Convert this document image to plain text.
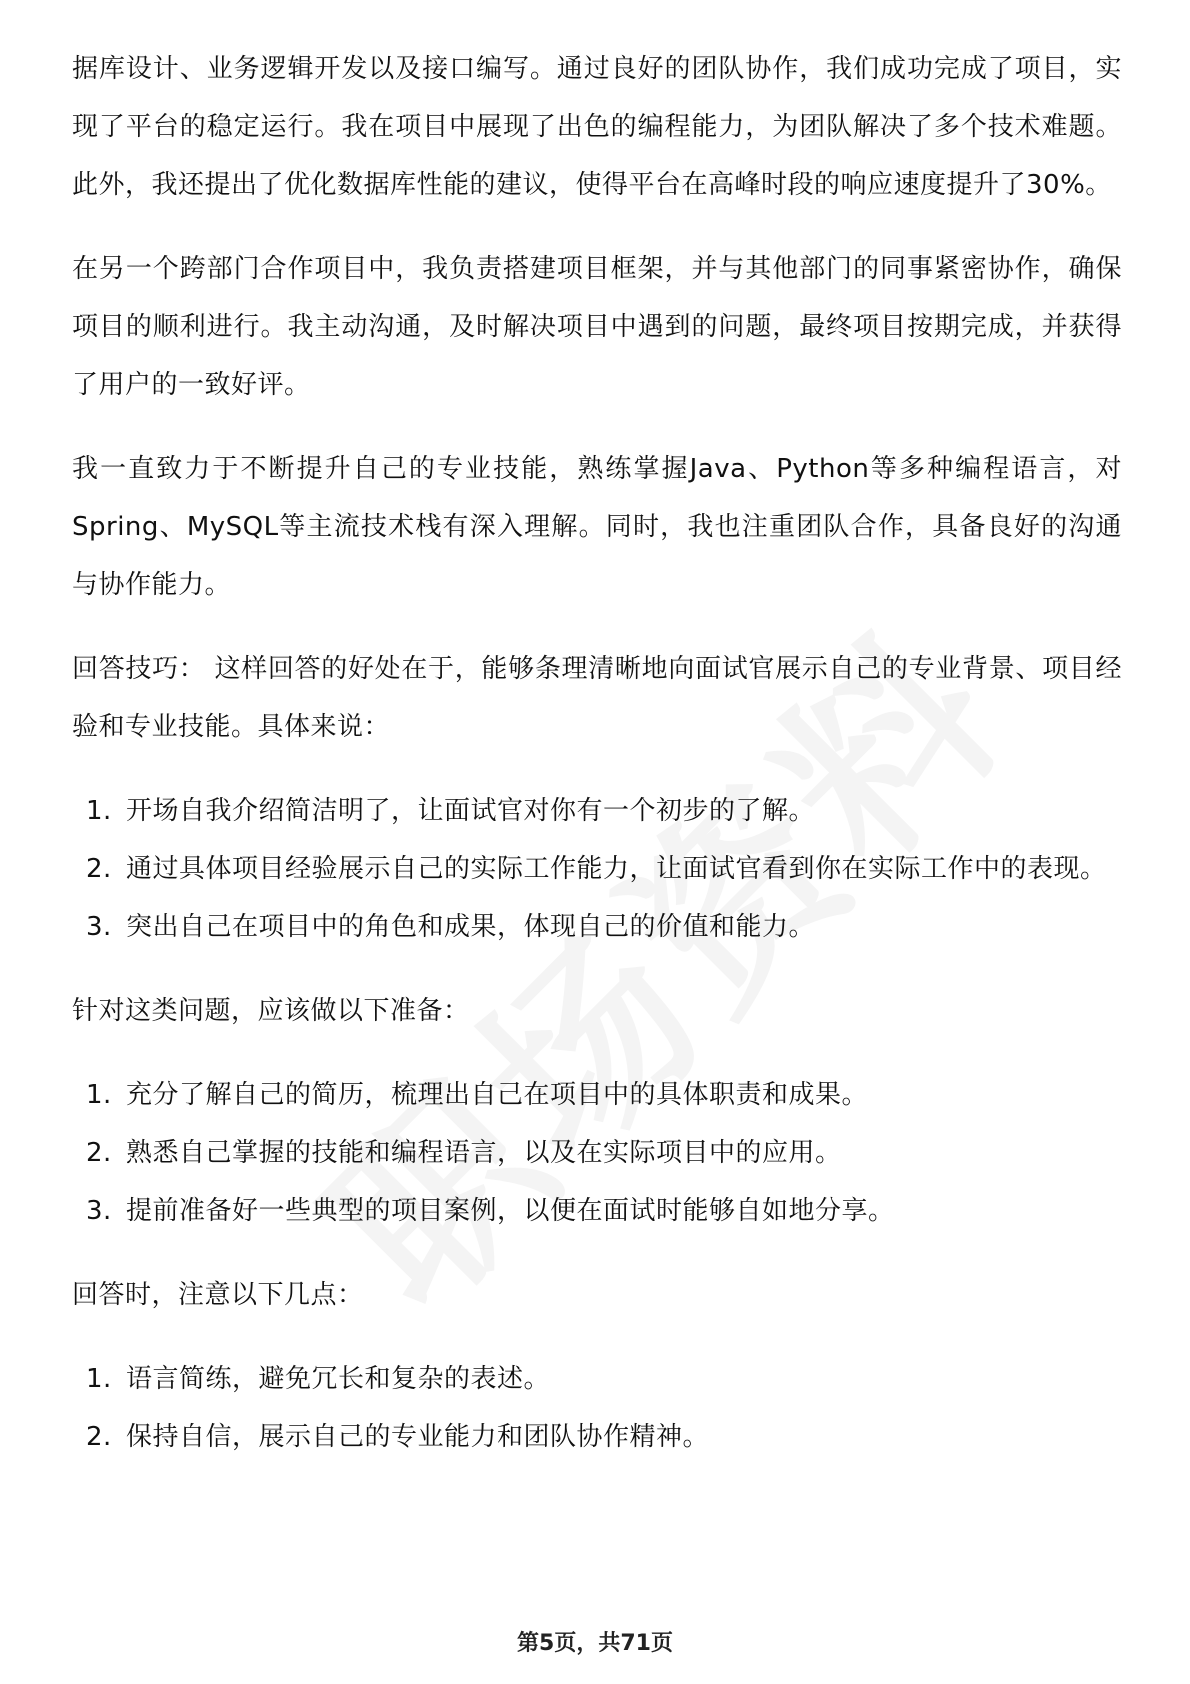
据库设计、业务逻辑开发以及接口编写。通过良好的团队协作，我们成功完成了项目，实现了平台的稳定运行。我在项目中展现了出色的编程能力，为团队解决了多个技术难题。此外，我还提出了优化数据库性能的建议，使得平台在高峰时段的响应速度提升了30%。

在另一个跨部门合作项目中，我负责搭建项目框架，并与其他部门的同事紧密协作，确保项目的顺利进行。我主动沟通，及时解决项目中遇到的问题，最终项目按期完成，并获得了用户的一致好评。

我一直致力于不断提升自己的专业技能，熟练掌握Java、Python等多种编程语言，对Spring、MySQL等主流技术栈有深入理解。同时，我也注重团队合作，具备良好的沟通与协作能力。

回答技巧： 这样回答的好处在于，能够条理清晰地向面试官展示自己的专业背景、项目经验和专业技能。具体来说：

1. 开场自我介绍简洁明了，让面试官对你有一个初步的了解。
2. 通过具体项目经验展示自己的实际工作能力，让面试官看到你在实际工作中的表现。
3. 突出自己在项目中的角色和成果，体现自己的价值和能力。

针对这类问题，应该做以下准备：

1. 充分了解自己的简历，梳理出自己在项目中的具体职责和成果。
2. 熟悉自己掌握的技能和编程语言，以及在实际项目中的应用。
3. 提前准备好一些典型的项目案例，以便在面试时能够自如地分享。

回答时，注意以下几点：

1. 语言简练，避免冗长和复杂的表述。
2. 保持自信，展示自己的专业能力和团队协作精神。
第5页，共71页
